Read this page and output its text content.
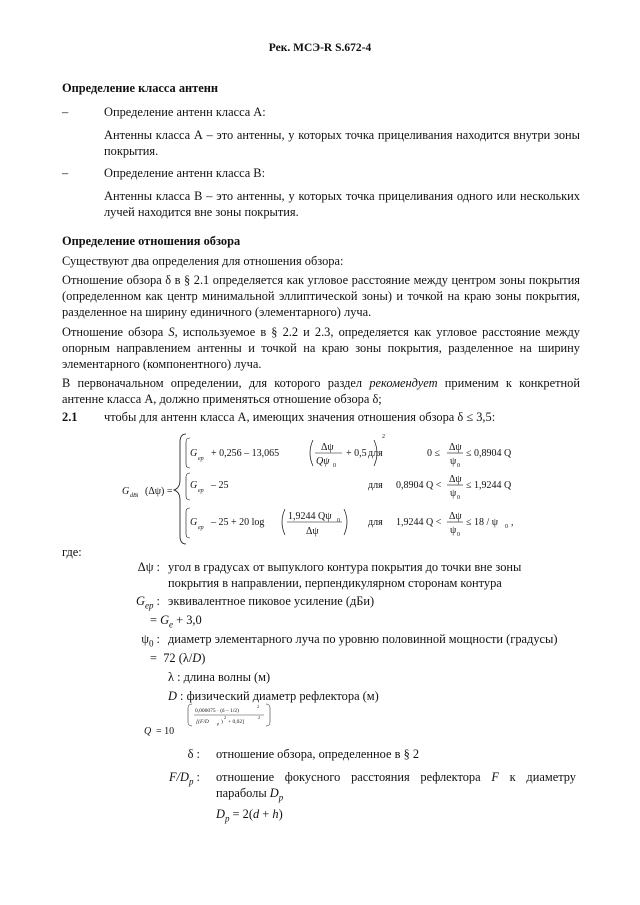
Рек. МСЭ-R S.672-4
Определение класса антенн
–	Определение антенн класса А:
Антенны класса А – это антенны, у которых точка прицеливания находится внутри зоны покрытия.
–	Определение антенн класса В:
Антенны класса В – это антенны, у которых точка прицеливания одного или нескольких лучей находится вне зоны покрытия.
Определение отношения обзора
Существуют два определения для отношения обзора:
Отношение обзора δ в § 2.1 определяется как угловое расстояние между центром зоны покрытия (определенном как центр минимальной эллиптической зоны) и точкой на краю зоны покрытия, разделенное на ширину единичного (элементарного) луча.
Отношение обзора S, используемое в § 2.2 и 2.3, определяется как угловое расстояние между опорным направлением антенны и точкой на краю зоны покрытия, разделенное на ширину элементарного (компонентного) луча.
В первоначальном определении, для которого раздел рекомендует применим к конкретной антенне класса А, должно применяться отношение обзора δ;
2.1 чтобы для антенн класса А, имеющих значения отношения обзора δ ≤ 3,5:
G dBi (Δψ) =
G ep + 0,256 – 13,065
Δψ
Qψ 0
+ 0,5
2
для	0 ≤
Δψ
ψ 0
≤ 0,8904 Q
G ep – 25	для 0,8904 Q <
Δψ
ψ 0
≤ 1,9244 Q
G ep – 25 + 20 log
1,9244 Qψ 0
Δψ
для 1,9244 Q <
Δψ
ψ 0
≤ 18 / ψ 0 ,
где:
Δψ : угол в градусах от выпуклого контура покрытия до точки вне зоны покрытия в направлении, перпендикулярном сторонам контура
$G_{ep}$ : эквивалентное пиковое усиление (дБи)
= $G_e + 3,0$
$\psi_0$ : диаметр элементарного луча по уровню половинной мощности (градусы)
= 72 (λ/D)
λ : длина волны (м)
D : физический диаметр рефлектора (м)
Q = 10
0,000075 · (δ – 1/2)
2
[(F/D p )
2
+ 0,02]
2
δ : отношение обзора, определенное в § 2
$F/D_p$ : отношение фокусного расстояния рефлектора F к диаметру параболы $D_p$
$D_p = 2(d + h)$
